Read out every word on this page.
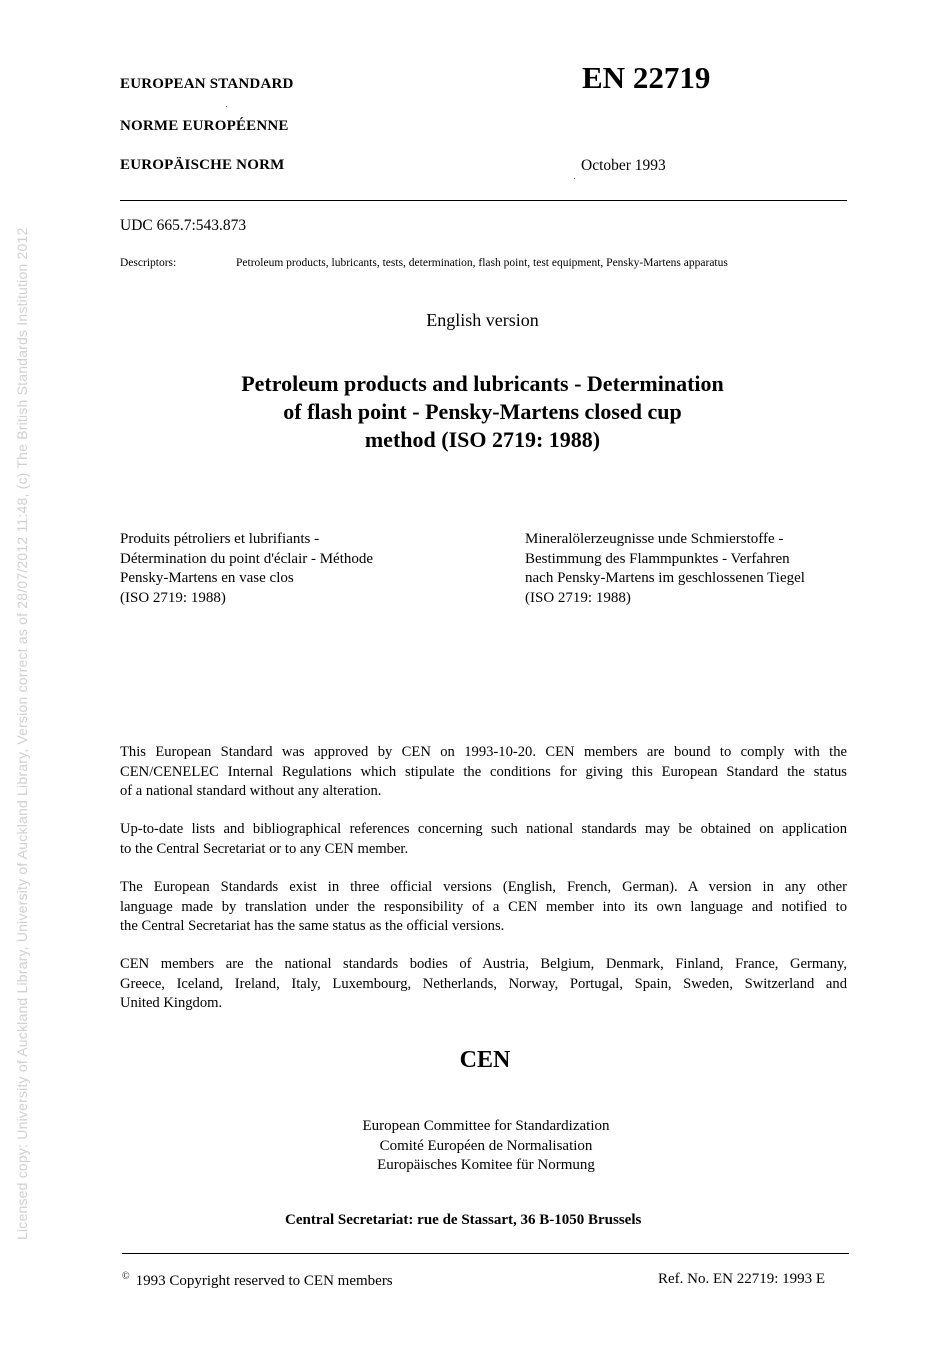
Licensed copy: University of Auckland Library, University of Auckland Library, Version correct as of 28/07/2012 11:48, (c) The British Standards Institution 2012
EUROPEAN STANDARD
NORME EUROPÉENNE
EUROPÄISCHE NORM
EN 22719
October 1993
UDC 665.7:543.873
Descriptors:	Petroleum products, lubricants, tests, determination, flash point, test equipment, Pensky-Martens apparatus
English version
Petroleum products and lubricants - Determination
of flash point - Pensky-Martens closed cup
method (ISO 2719: 1988)
Produits pétroliers et lubrifiants -
Détermination du point d'éclair - Méthode
Pensky-Martens en vase clos
(ISO 2719: 1988)
Mineralölerzeugnisse unde Schmierstoffe -
Bestimmung des Flammpunktes - Verfahren
nach Pensky-Martens im geschlossenen Tiegel
(ISO 2719: 1988)
This European Standard was approved by CEN on 1993-10-20. CEN members are bound to comply with the
CEN/CENELEC Internal Regulations which stipulate the conditions for giving this European Standard the status
of a national standard without any alteration.
Up-to-date lists and bibliographical references concerning such national standards may be obtained on application
to the Central Secretariat or to any CEN member.
The European Standards exist in three official versions (English, French, German). A version in any other
language made by translation under the responsibility of a CEN member into its own language and notified to
the Central Secretariat has the same status as the official versions.
CEN members are the national standards bodies of Austria, Belgium, Denmark, Finland, France, Germany,
Greece, Iceland, Ireland, Italy, Luxembourg, Netherlands, Norway, Portugal, Spain, Sweden, Switzerland and
United Kingdom.
CEN
European Committee for Standardization
Comité Européen de Normalisation
Europäisches Komitee für Normung
Central Secretariat: rue de Stassart, 36 B-1050 Brussels
© 1993 Copyright reserved to CEN members	Ref. No. EN 22719: 1993 E
